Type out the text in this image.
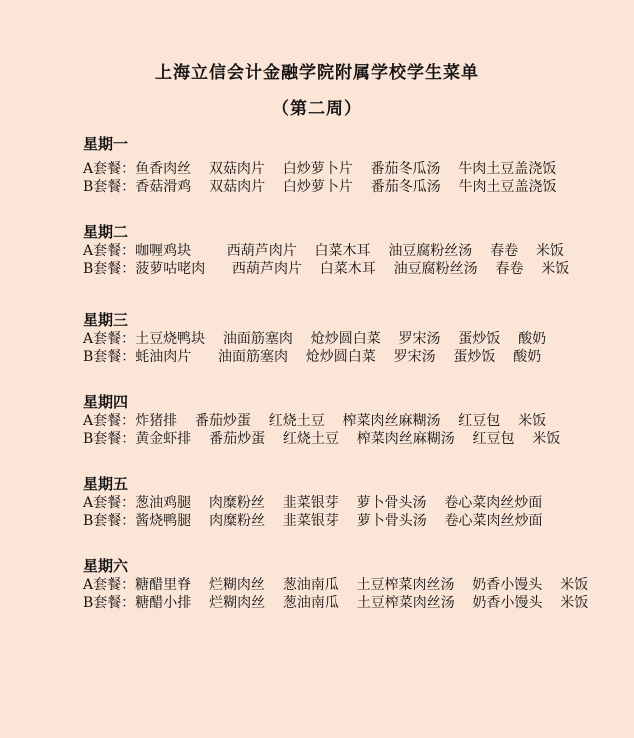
上海立信会计金融学院附属学校学生菜单
（第二周）
星期一
A套餐：鱼香肉丝    双菇肉片    白炒萝卜片    番茄冬瓜汤    牛肉土豆盖浇饭
B套餐：香菇滑鸡    双菇肉片    白炒萝卜片    番茄冬瓜汤    牛肉土豆盖浇饭
星期二
A套餐：咖喱鸡块        西葫芦肉片    白菜木耳    油豆腐粉丝汤    春卷    米饭
B套餐：菠萝咕咾肉      西葫芦肉片    白菜木耳    油豆腐粉丝汤    春卷    米饭
星期三
A套餐：土豆烧鸭块    油面筋塞肉    炝炒圆白菜    罗宋汤    蛋炒饭    酸奶
B套餐：蚝油肉片      油面筋塞肉    炝炒圆白菜    罗宋汤    蛋炒饭    酸奶
星期四
A套餐：炸猪排    番茄炒蛋    红烧土豆    榨菜肉丝麻糊汤    红豆包    米饭
B套餐：黄金虾排    番茄炒蛋    红烧土豆    榨菜肉丝麻糊汤    红豆包    米饭
星期五
A套餐：葱油鸡腿    肉糜粉丝    韭菜银芽    萝卜骨头汤    卷心菜肉丝炒面
B套餐：酱烧鸭腿    肉糜粉丝    韭菜银芽    萝卜骨头汤    卷心菜肉丝炒面
星期六
A套餐：糖醋里脊    烂糊肉丝    葱油南瓜    土豆榨菜肉丝汤    奶香小馒头    米饭
B套餐：糖醋小排    烂糊肉丝    葱油南瓜    土豆榨菜肉丝汤    奶香小馒头    米饭
